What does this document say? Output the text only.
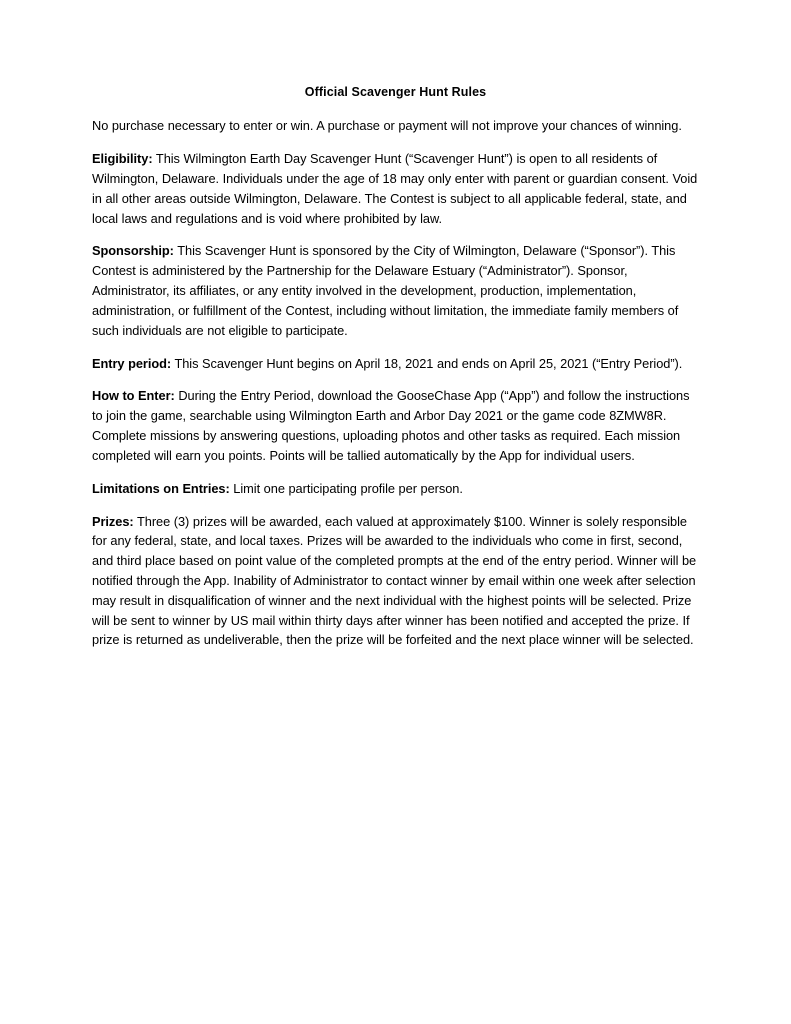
Official Scavenger Hunt Rules

No purchase necessary to enter or win. A purchase or payment will not improve your chances of winning.

Eligibility: This Wilmington Earth Day Scavenger Hunt (“Scavenger Hunt”) is open to all residents of Wilmington, Delaware. Individuals under the age of 18 may only enter with parent or guardian consent. Void in all other areas outside Wilmington, Delaware. The Contest is subject to all applicable federal, state, and local laws and regulations and is void where prohibited by law.

Sponsorship: This Scavenger Hunt is sponsored by the City of Wilmington, Delaware (“Sponsor”). This Contest is administered by the Partnership for the Delaware Estuary (“Administrator”). Sponsor, Administrator, its affiliates, or any entity involved in the development, production, implementation, administration, or fulfillment of the Contest, including without limitation, the immediate family members of such individuals are not eligible to participate.

Entry period: This Scavenger Hunt begins on April 18, 2021 and ends on April 25, 2021 (“Entry Period”).

How to Enter: During the Entry Period, download the GooseChase App (“App”) and follow the instructions to join the game, searchable using Wilmington Earth and Arbor Day 2021 or the game code 8ZMW8R. Complete missions by answering questions, uploading photos and other tasks as required. Each mission completed will earn you points. Points will be tallied automatically by the App for individual users.

Limitations on Entries: Limit one participating profile per person.

Prizes: Three (3) prizes will be awarded, each valued at approximately $100. Winner is solely responsible for any federal, state, and local taxes. Prizes will be awarded to the individuals who come in first, second, and third place based on point value of the completed prompts at the end of the entry period. Winner will be notified through the App. Inability of Administrator to contact winner by email within one week after selection may result in disqualification of winner and the next individual with the highest points will be selected. Prize will be sent to winner by US mail within thirty days after winner has been notified and accepted the prize. If prize is returned as undeliverable, then the prize will be forfeited and the next place winner will be selected.
